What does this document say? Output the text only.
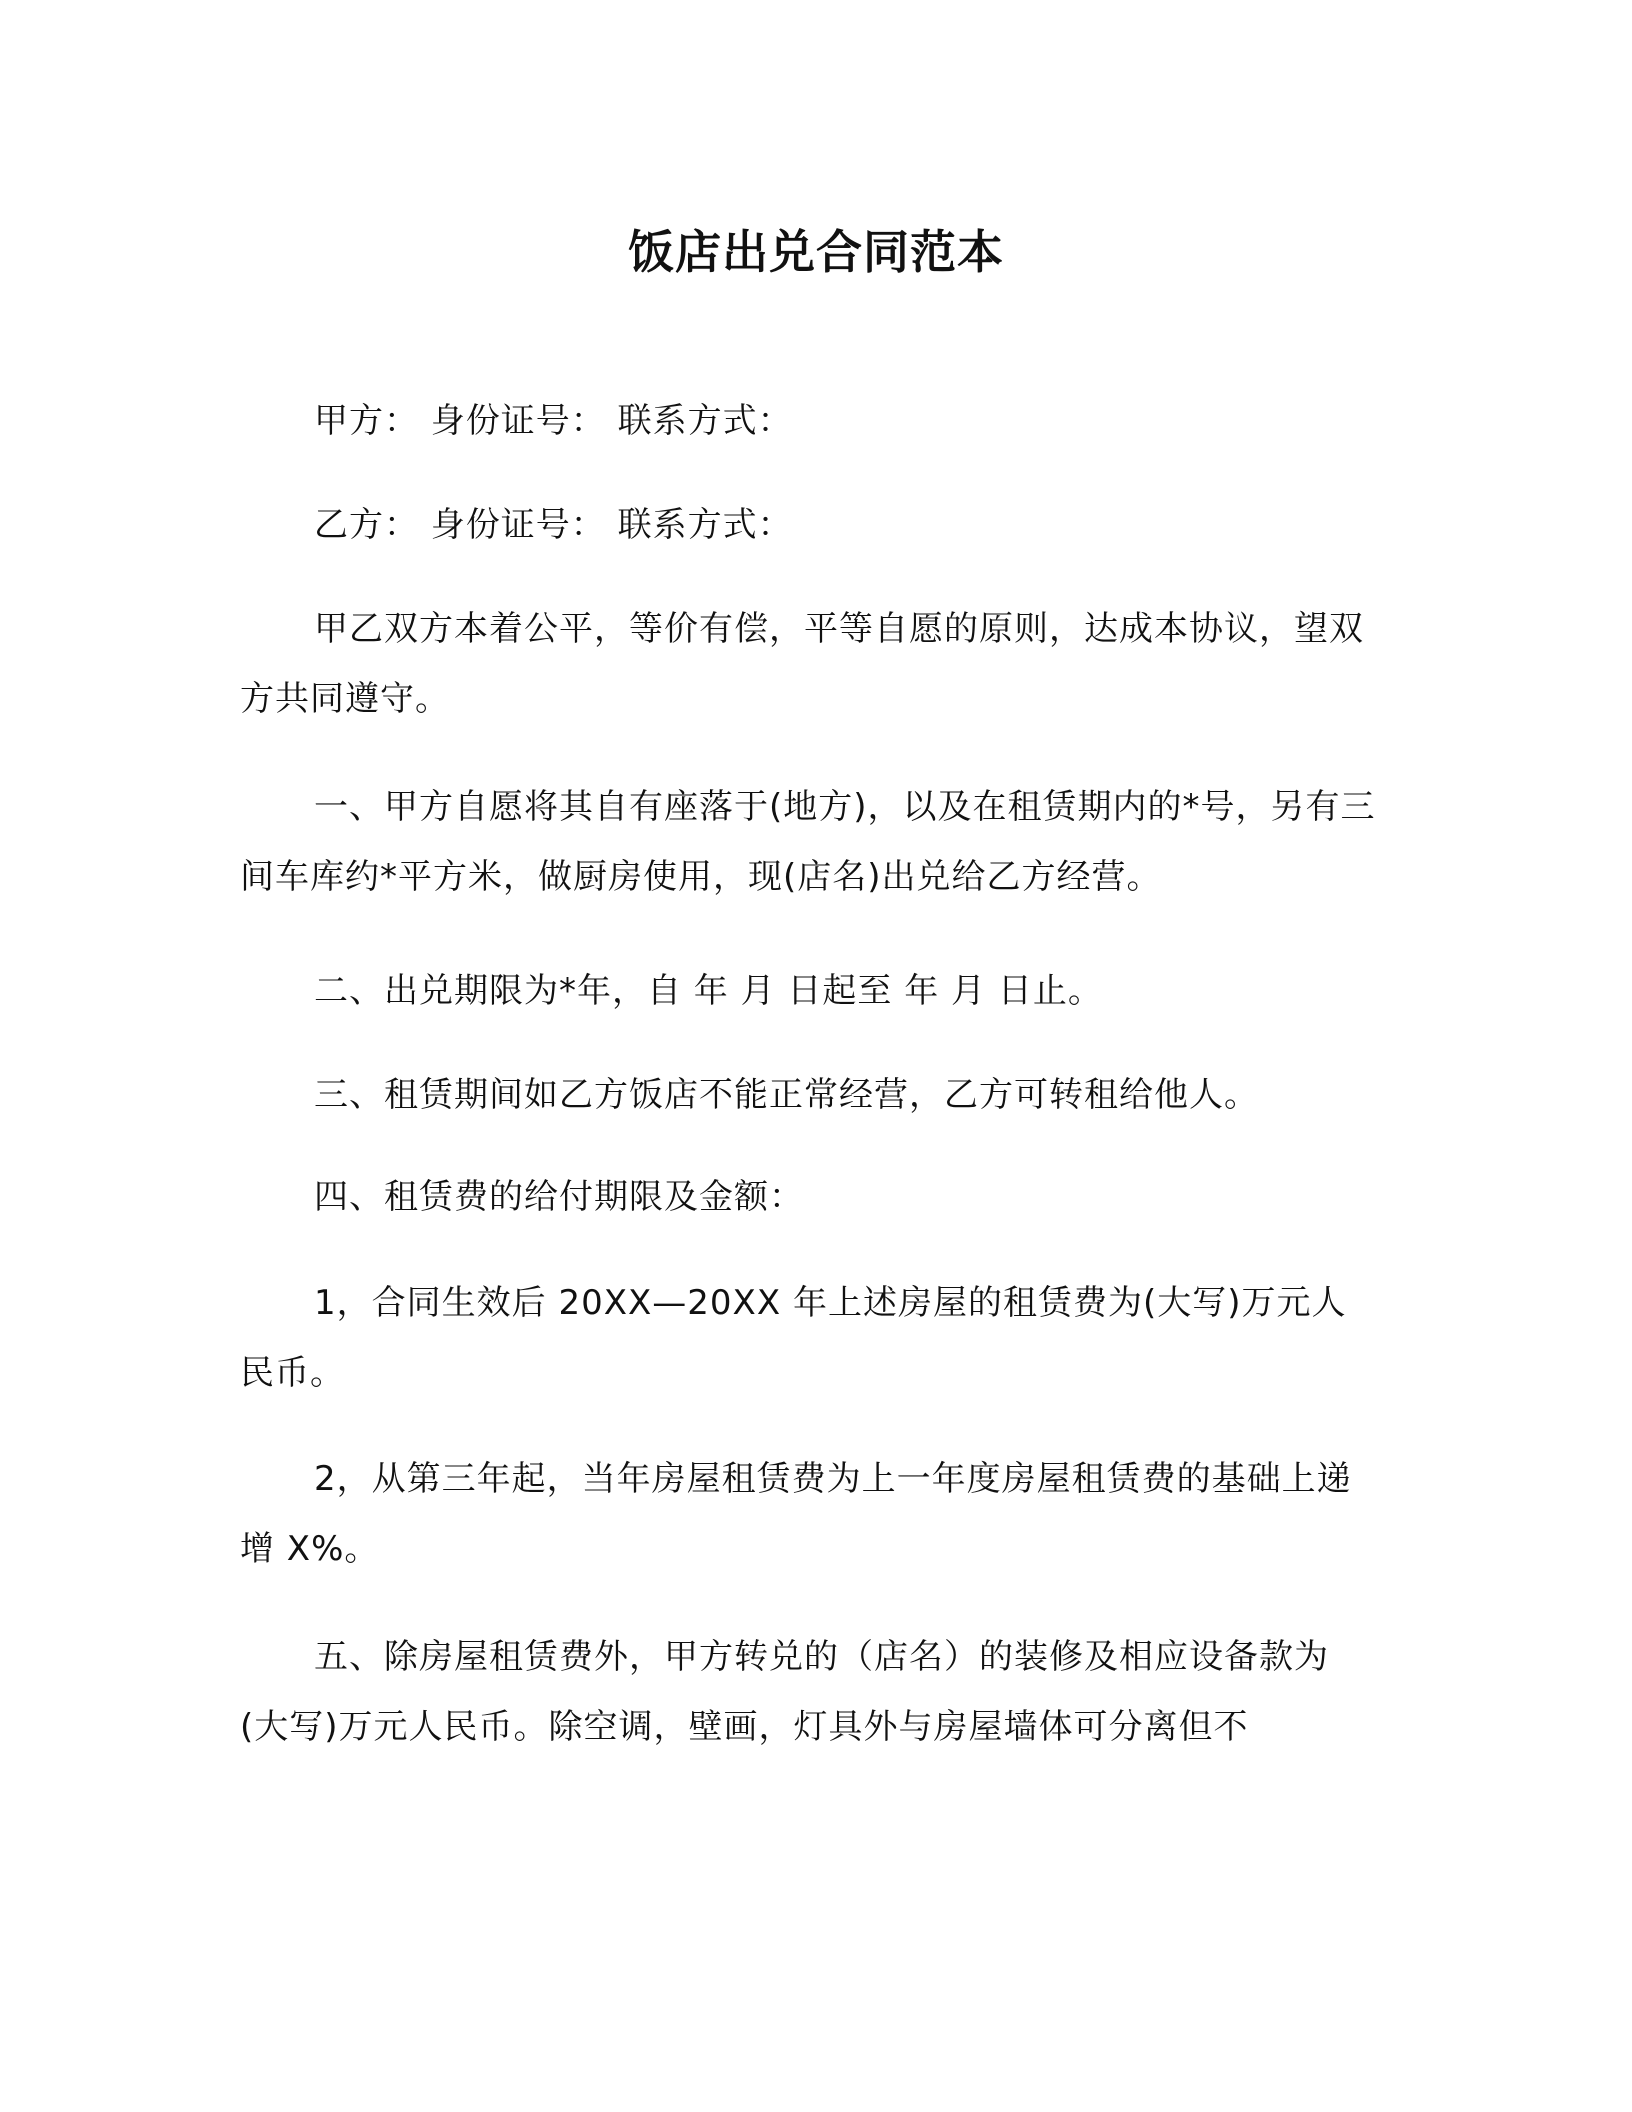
饭店出兑合同范本
甲方： 身份证号： 联系方式：
乙方： 身份证号： 联系方式：
甲乙双方本着公平，等价有偿，平等自愿的原则，达成本协议，望双方共同遵守。
一、甲方自愿将其自有座落于(地方)，以及在租赁期内的*号，另有三间车库约*平方米，做厨房使用，现(店名)出兑给乙方经营。
二、出兑期限为*年，自 年 月 日起至 年 月 日止。
三、租赁期间如乙方饭店不能正常经营，乙方可转租给他人。
四、租赁费的给付期限及金额：
1，合同生效后 20XX—20XX 年上述房屋的租赁费为(大写)万元人民币。
2，从第三年起，当年房屋租赁费为上一年度房屋租赁费的基础上递增 X%。
五、除房屋租赁费外，甲方转兑的（店名）的装修及相应设备款为 (大写)万元人民币。除空调，壁画，灯具外与房屋墙体可分离但不
